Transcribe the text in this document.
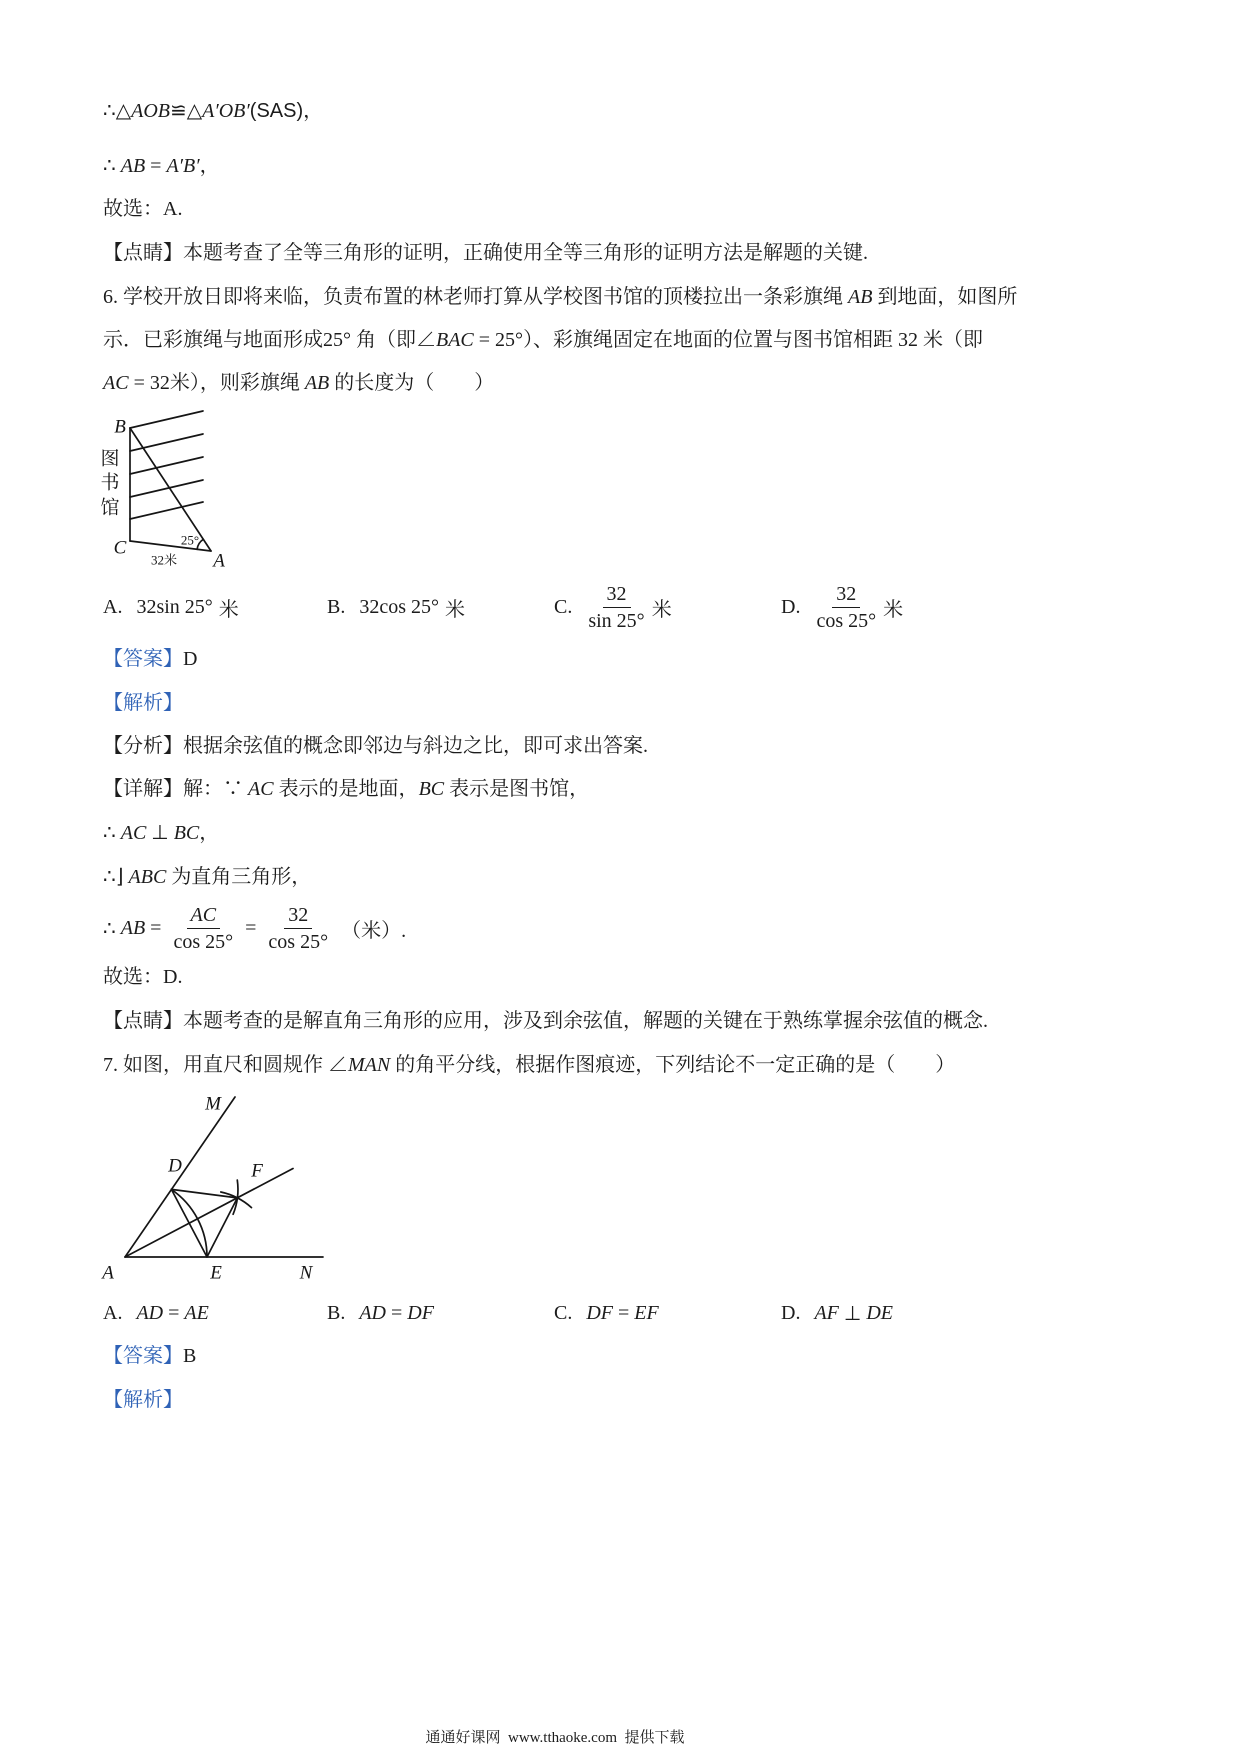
∴△AOB≌△A′OB′(SAS)，
∴ AB = A′B′，
故选：A.
【点睛】本题考查了全等三角形的证明，正确使用全等三角形的证明方法是解题的关键.
6. 学校开放日即将来临，负责布置的林老师打算从学校图书馆的顶楼拉出一条彩旗绳 AB 到地面，如图所
示．已彩旗绳与地面形成25° 角（即∠BAC = 25°）、彩旗绳固定在地面的位置与图书馆相距 32 米（即
AC = 32米），则彩旗绳 AB 的长度为（　　）
B
C
A
图
书
馆
25°
32米
A. 32sin 25° 米	B. 32cos 25° 米	C. $\frac{32}{\sin 25^\circ}$ 米	D. $\frac{32}{\cos 25^\circ}$ 米
【答案】D
【解析】
【分析】根据余弦值的概念即邻边与斜边之比，即可求出答案.
【详解】解：∵ AC 表示的是地面，BC 表示是图书馆，
∴ AC ⊥ BC，
∴⌋ ABC 为直角三角形，
∴ AB = $\frac{AC}{\cos 25^\circ} = \frac{32}{\cos 25^\circ}$ （米）.
故选：D.
【点睛】本题考查的是解直角三角形的应用，涉及到余弦值，解题的关键在于熟练掌握余弦值的概念.
7. 如图，用直尺和圆规作 ∠MAN 的角平分线，根据作图痕迹，下列结论不一定正确的是（　　）
M
D	F
A	E	N
A. AD = AE	B. AD = DF	C. DF = EF	D. AF ⊥ DE
【答案】B
【解析】
通通好课网  www.tthaoke.com  提供下载
